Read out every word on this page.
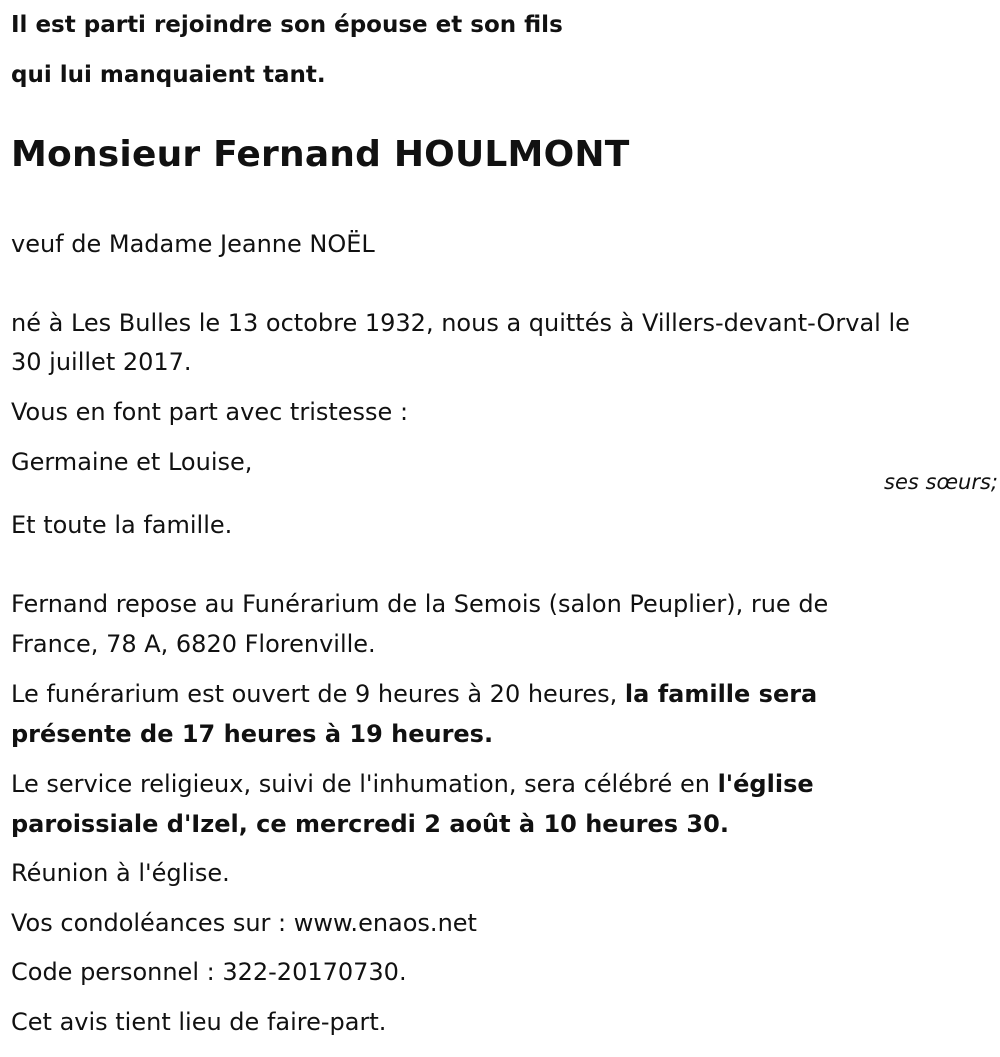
Il est parti rejoindre son épouse et son fils
qui lui manquaient tant.
Monsieur Fernand HOULMONT

veuf de Madame Jeanne NOËL

né à Les Bulles le 13 octobre 1932, nous a quittés à Villers-devant-Orval le

30 juillet 2017.

Vous en font part avec tristesse :

Germaine et Louise,

Et toute la famille.

Fernand repose au Funérarium de la Semois (salon Peuplier), rue de

France, 78 A, 6820 Florenville.

Le funérarium est ouvert de 9 heures à 20 heures, la famille sera

présente de 17 heures à 19 heures.

Le service religieux, suivi de l'inhumation, sera célébré en l'église

paroissiale d'Izel, ce mercredi 2 août à 10 heures 30.

Réunion à l'église.

Vos condoléances sur : www.enaos.net

Code personnel : 322-20170730.

Cet avis tient lieu de faire-part.

ses sœurs;
